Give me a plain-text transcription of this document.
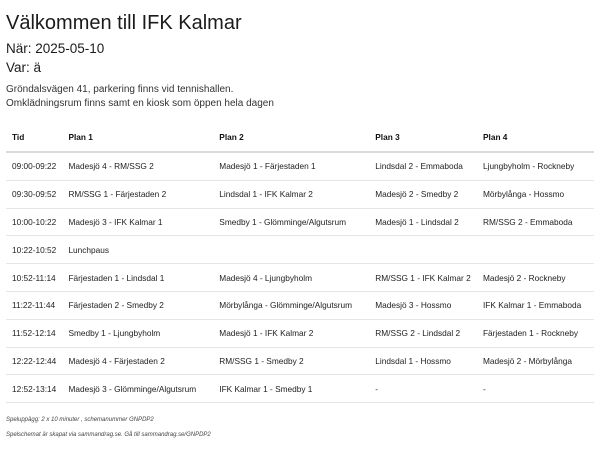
Välkommen till IFK Kalmar

När: 2025-05-10

Var: ä

Gröndalsvägen 41, parkering finns vid tennishallen.
Omklädningsrum finns samt en kiosk som öppen hela dagen
Tid	Plan 1	Plan 2	Plan 3	Plan 4
09:00-09:22	Madesjö 4 - RM/SSG 2	Madesjö 1 - Färjestaden 1	Lindsdal 2 - Emmaboda	Ljungbyholm - Rockneby
09:30-09:52	RM/SSG 1 - Färjestaden 2	Lindsdal 1 - IFK Kalmar 2	Madesjö 2 - Smedby 2	Mörbylånga - Hossmo
10:00-10:22	Madesjö 3 - IFK Kalmar 1	Smedby 1 - Glömminge/Algutsrum	Madesjö 1 - Lindsdal 2	RM/SSG 2 - Emmaboda
10:22-10:52	Lunchpaus			
10:52-11:14	Färjestaden 1 - Lindsdal 1	Madesjö 4 - Ljungbyholm	RM/SSG 1 - IFK Kalmar 2	Madesjö 2 - Rockneby
11:22-11:44	Färjestaden 2 - Smedby 2	Mörbylånga - Glömminge/Algutsrum	Madesjö 3 - Hossmo	IFK Kalmar 1 - Emmaboda
11:52-12:14	Smedby 1 - Ljungbyholm	Madesjö 1 - IFK Kalmar 2	RM/SSG 2 - Lindsdal 2	Färjestaden 1 - Rockneby
12:22-12:44	Madesjö 4 - Färjestaden 2	RM/SSG 1 - Smedby 2	Lindsdal 1 - Hossmo	Madesjö 2 - Mörbylånga
12:52-13:14	Madesjö 3 - Glömminge/Algutsrum	IFK Kalmar 1 - Smedby 1	-	-
Speluppägg: 2 x 10 minuter , schemanummer GNPDP2
Spelschemat är skapat via sammandrag.se. Gå till sammandrag.se/GNPDP2
